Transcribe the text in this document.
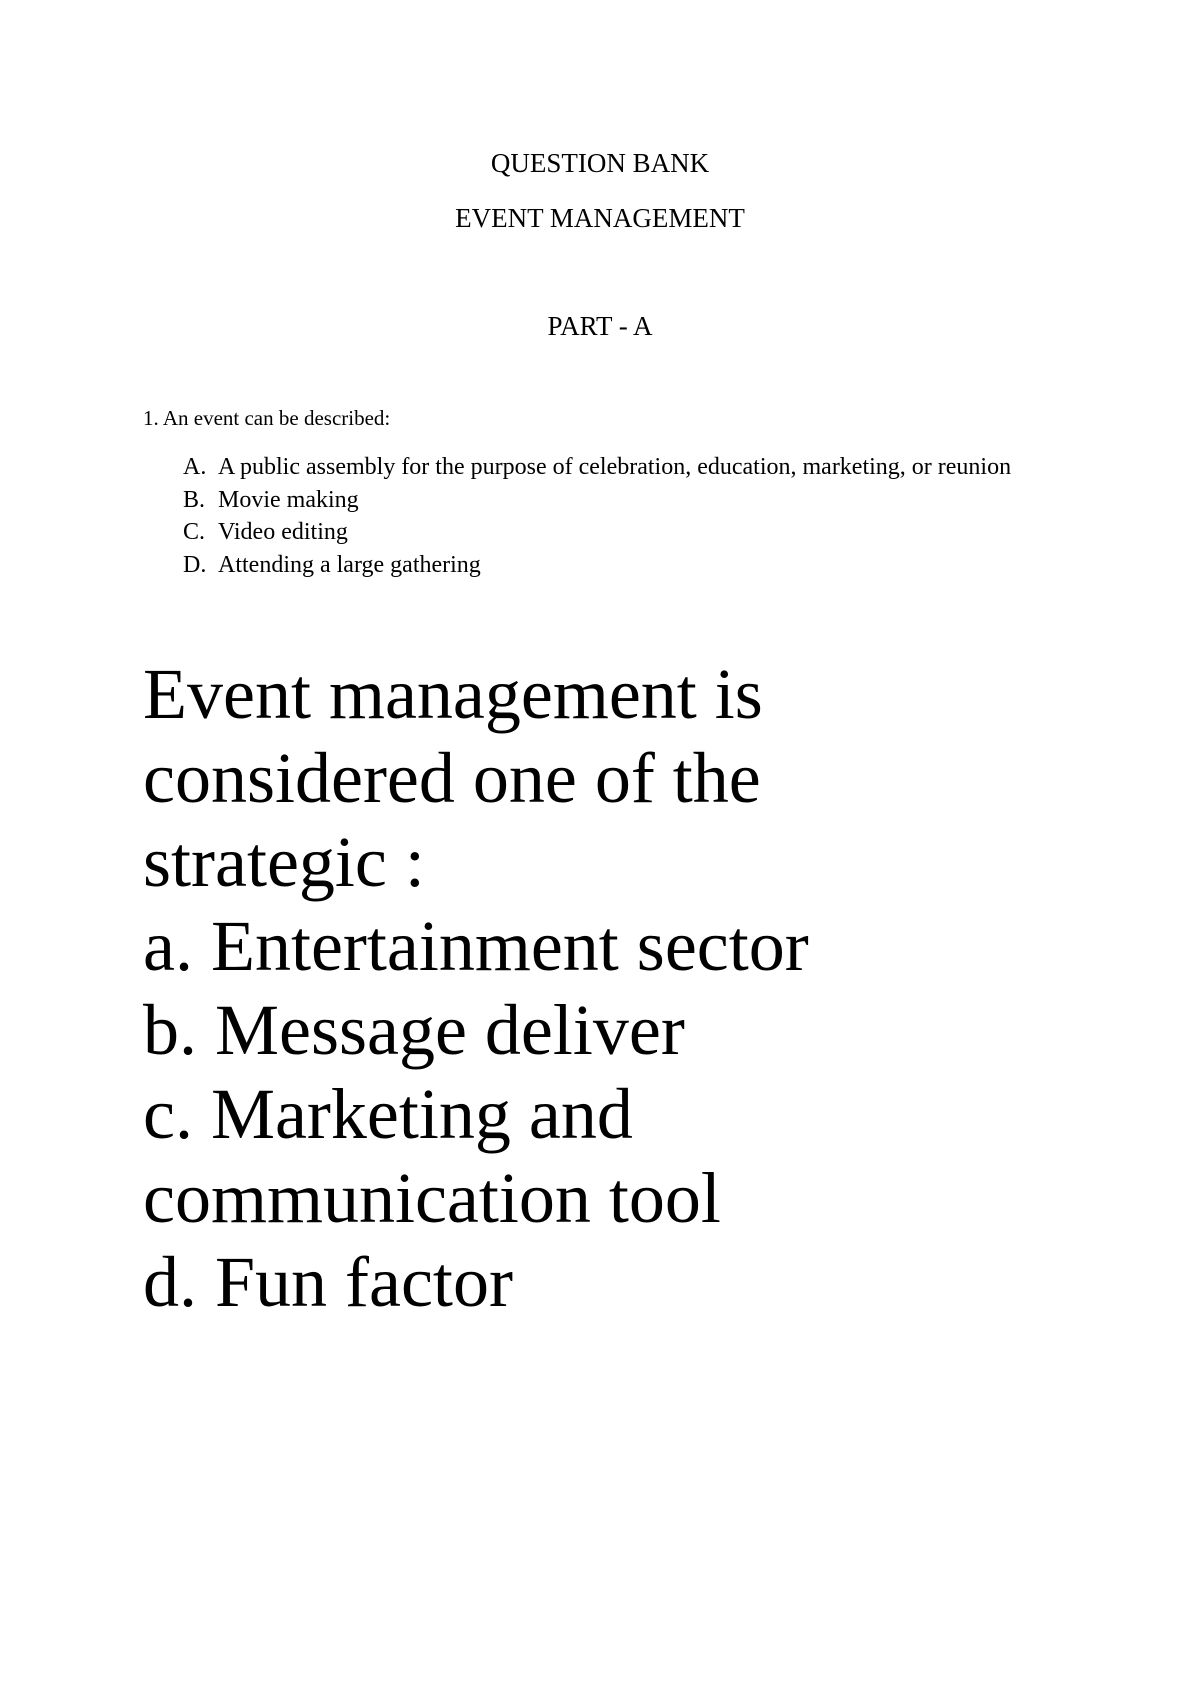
QUESTION BANK
EVENT MANAGEMENT
PART - A
1. An event can be described:
A. A public assembly for the purpose of celebration, education, marketing, or reunion
B. Movie making
C. Video editing
D. Attending a large gathering
Event management is
considered one of the
strategic :
a. Entertainment sector
b. Message deliver
c. Marketing and
communication tool
d. Fun factor
